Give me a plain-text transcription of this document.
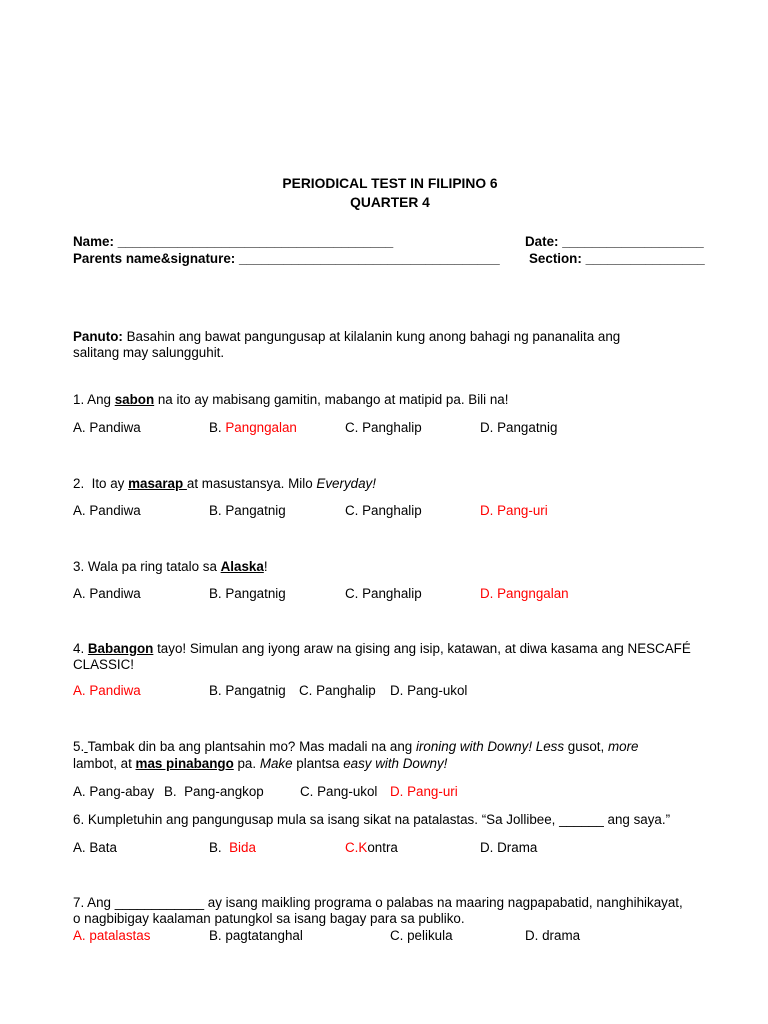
PERIODICAL TEST IN FILIPINO 6
QUARTER 4
Name: _____________________________________	Date: ___________________
Parents name&signature: ___________________________________ Section: ________________
Panuto: Basahin ang bawat pangungusap at kilalanin kung anong bahagi ng pananalita ang
salitang may salungguhit.
1. Ang sabon na ito ay mabisang gamitin, mabango at matipid pa. Bili na!
A. Pandiwa	B. Pangngalan	C. Panghalip	D. Pangatnig
2.  Ito ay masarap at masustansya. Milo Everyday!
A. Pandiwa	B. Pangatnig	C. Panghalip	D. Pang-uri
3. Wala pa ring tatalo sa Alaska!
A. Pandiwa	B. Pangatnig	C. Panghalip	D. Pangngalan
4. Babangon tayo! Simulan ang iyong araw na gising ang isip, katawan, at diwa kasama ang NESCAFÉ
CLASSIC!
A. Pandiwa	B. Pangatnig C. Panghalip D. Pang-ukol
5. Tambak din ba ang plantsahin mo? Mas madali na ang ironing with Downy! Less gusot, more
lambot, at mas pinabango pa. Make plantsa easy with Downy!
A. Pang-abay B.  Pang-angkop	C. Pang-ukol D. Pang-uri
6. Kumpletuhin ang pangungusap mula sa isang sikat na patalastas. “Sa Jollibee, ______ ang saya.”
A. Bata	B.  Bida	C.Kontra	D. Drama
7. Ang ____________ ay isang maikling programa o palabas na maaring nagpapabatid, nanghihikayat,
o nagbibigay kaalaman patungkol sa isang bagay para sa publiko.
A. patalastas	B. pagtatanghal	C. pelikula	D. drama
